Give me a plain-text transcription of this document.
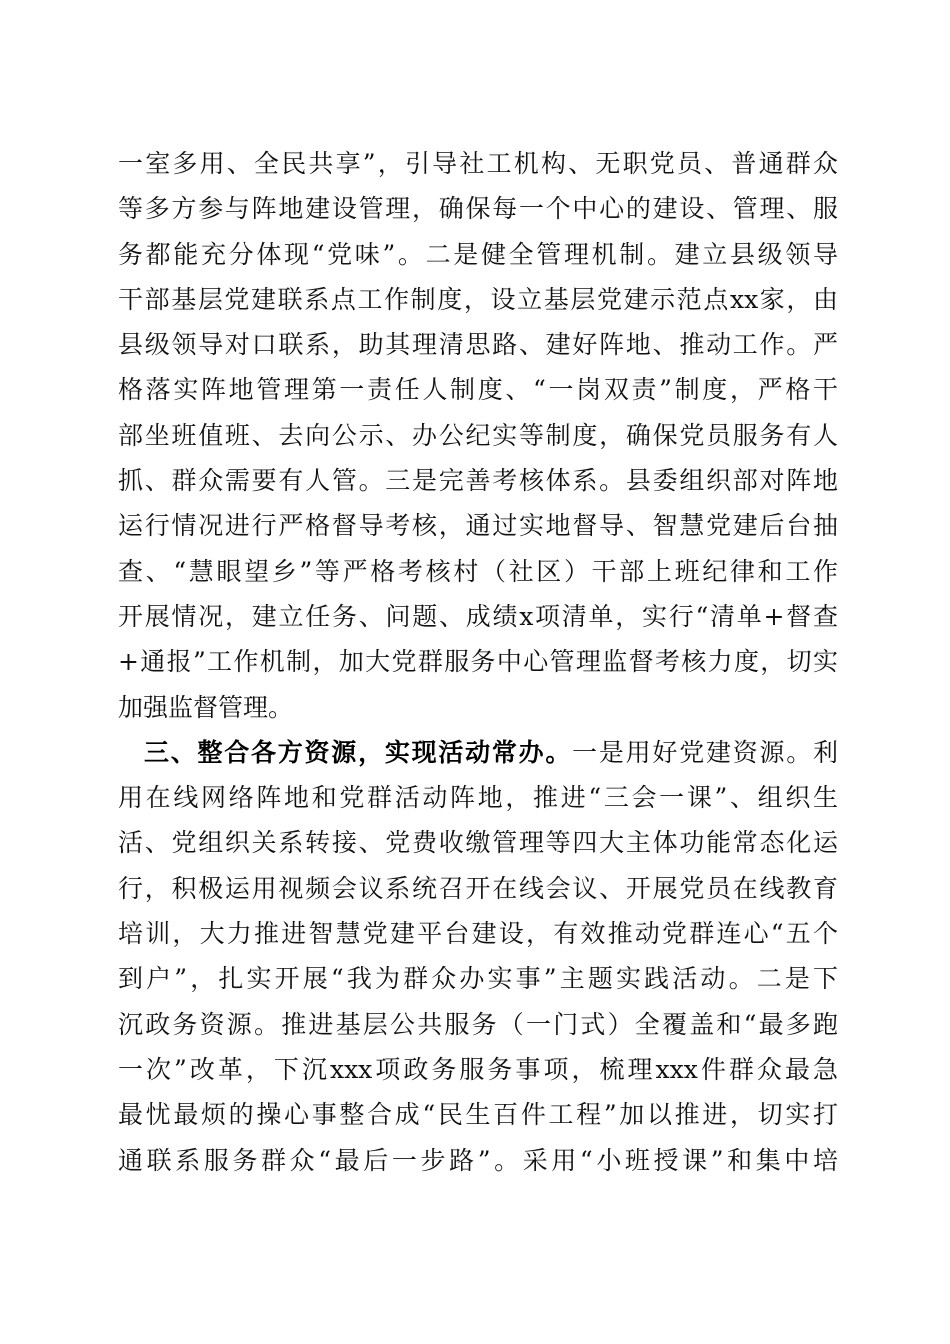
一室多用、全民共享”，引导社工机构、无职党员、普通群众
等多方参与阵地建设管理，确保每一个中心的建设、管理、服
务都能充分体现“党味”。二是健全管理机制。建立县级领导
干部基层党建联系点工作制度，设立基层党建示范点xx家，由
县级领导对口联系，助其理清思路、建好阵地、推动工作。严
格落实阵地管理第一责任人制度、“一岗双责”制度，严格干
部坐班值班、去向公示、办公纪实等制度，确保党员服务有人
抓、群众需要有人管。三是完善考核体系。县委组织部对阵地
运行情况进行严格督导考核，通过实地督导、智慧党建后台抽
查、“慧眼望乡”等严格考核村（社区）干部上班纪律和工作
开展情况，建立任务、问题、成绩x项清单，实行“清单+督查
+通报”工作机制，加大党群服务中心管理监督考核力度，切实
加强监督管理。
三、整合各方资源，实现活动常办。一是用好党建资源。利
用在线网络阵地和党群活动阵地，推进“三会一课”、组织生
活、党组织关系转接、党费收缴管理等四大主体功能常态化运
行，积极运用视频会议系统召开在线会议、开展党员在线教育
培训，大力推进智慧党建平台建设，有效推动党群连心“五个
到户”，扎实开展“我为群众办实事”主题实践活动。二是下
沉政务资源。推进基层公共服务（一门式）全覆盖和“最多跑
一次”改革，下沉xxx项政务服务事项，梳理xxx件群众最急
最忧最烦的操心事整合成“民生百件工程”加以推进，切实打
通联系服务群众“最后一步路”。采用“小班授课”和集中培
